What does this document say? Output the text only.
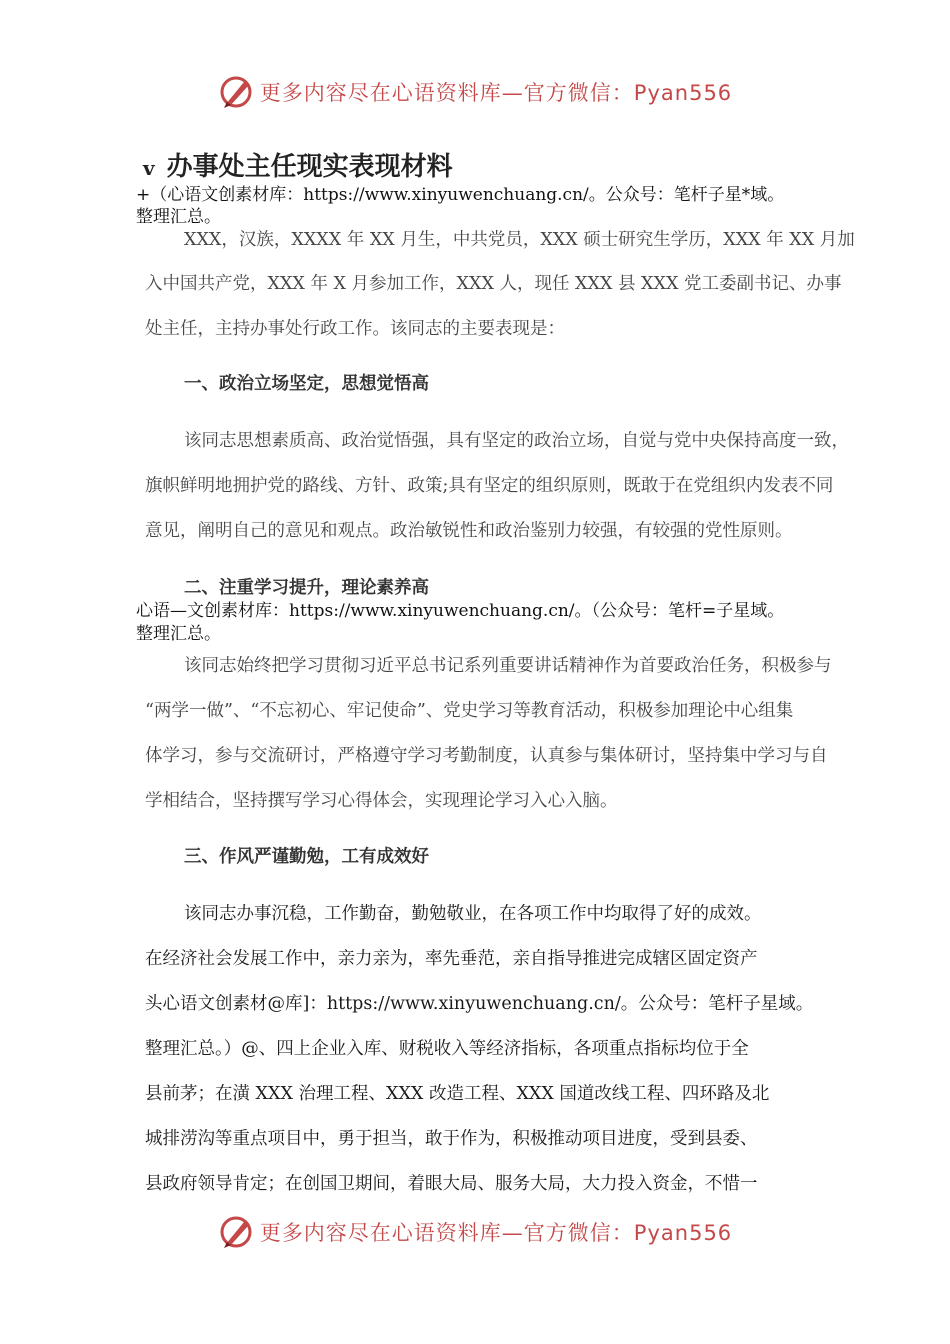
更多内容尽在心语资料库—官方微信：Pyan556
v 办事处主任现实表现材料
+（心语文创素材库：https://www.xinyuwenchuang.cn/。公众号：笔杆子星*域。
整理汇总。
XXX，汉族，XXXX 年 XX 月生，中共党员，XXX 硕士研究生学历，XXX 年 XX 月加
入中国共产党，XXX 年 X 月参加工作，XXX 人，现任 XXX 县 XXX 党工委副书记、办事
处主任，主持办事处行政工作。该同志的主要表现是：
一、政治立场坚定，思想觉悟高
该同志思想素质高、政治觉悟强，具有坚定的政治立场，自觉与党中央保持高度一致，
旗帜鲜明地拥护党的路线、方针、政策;具有坚定的组织原则，既敢于在党组织内发表不同
意见，阐明自己的意见和观点。政治敏锐性和政治鉴别力较强，有较强的党性原则。
二、注重学习提升，理论素养高
心语—文创素材库：https://www.xinyuwenchuang.cn/。（公众号：笔杆=子星域。
整理汇总。
该同志始终把学习贯彻习近平总书记系列重要讲话精神作为首要政治任务，积极参与
“两学一做”、“不忘初心、牢记使命”、党史学习等教育活动，积极参加理论中心组集
体学习，参与交流研讨，严格遵守学习考勤制度，认真参与集体研讨，坚持集中学习与自
学相结合，坚持撰写学习心得体会，实现理论学习入心入脑。
三、作风严谨勤勉，工有成效好
该同志办事沉稳，工作勤奋，勤勉敬业，在各项工作中均取得了好的成效。
在经济社会发展工作中，亲力亲为，率先垂范，亲自指导推进完成辖区固定资产
头心语文创素材@库]：https://www.xinyuwenchuang.cn/。公众号：笔杆子星域。
整理汇总。）@、四上企业入库、财税收入等经济指标，各项重点指标均位于全
县前茅；在潢 XXX 治理工程、XXX 改造工程、XXX 国道改线工程、四环路及北
城排涝沟等重点项目中，勇于担当，敢于作为，积极推动项目进度，受到县委、
县政府领导肯定；在创国卫期间，着眼大局、服务大局，大力投入资金，不惜一
更多内容尽在心语资料库—官方微信：Pyan556
